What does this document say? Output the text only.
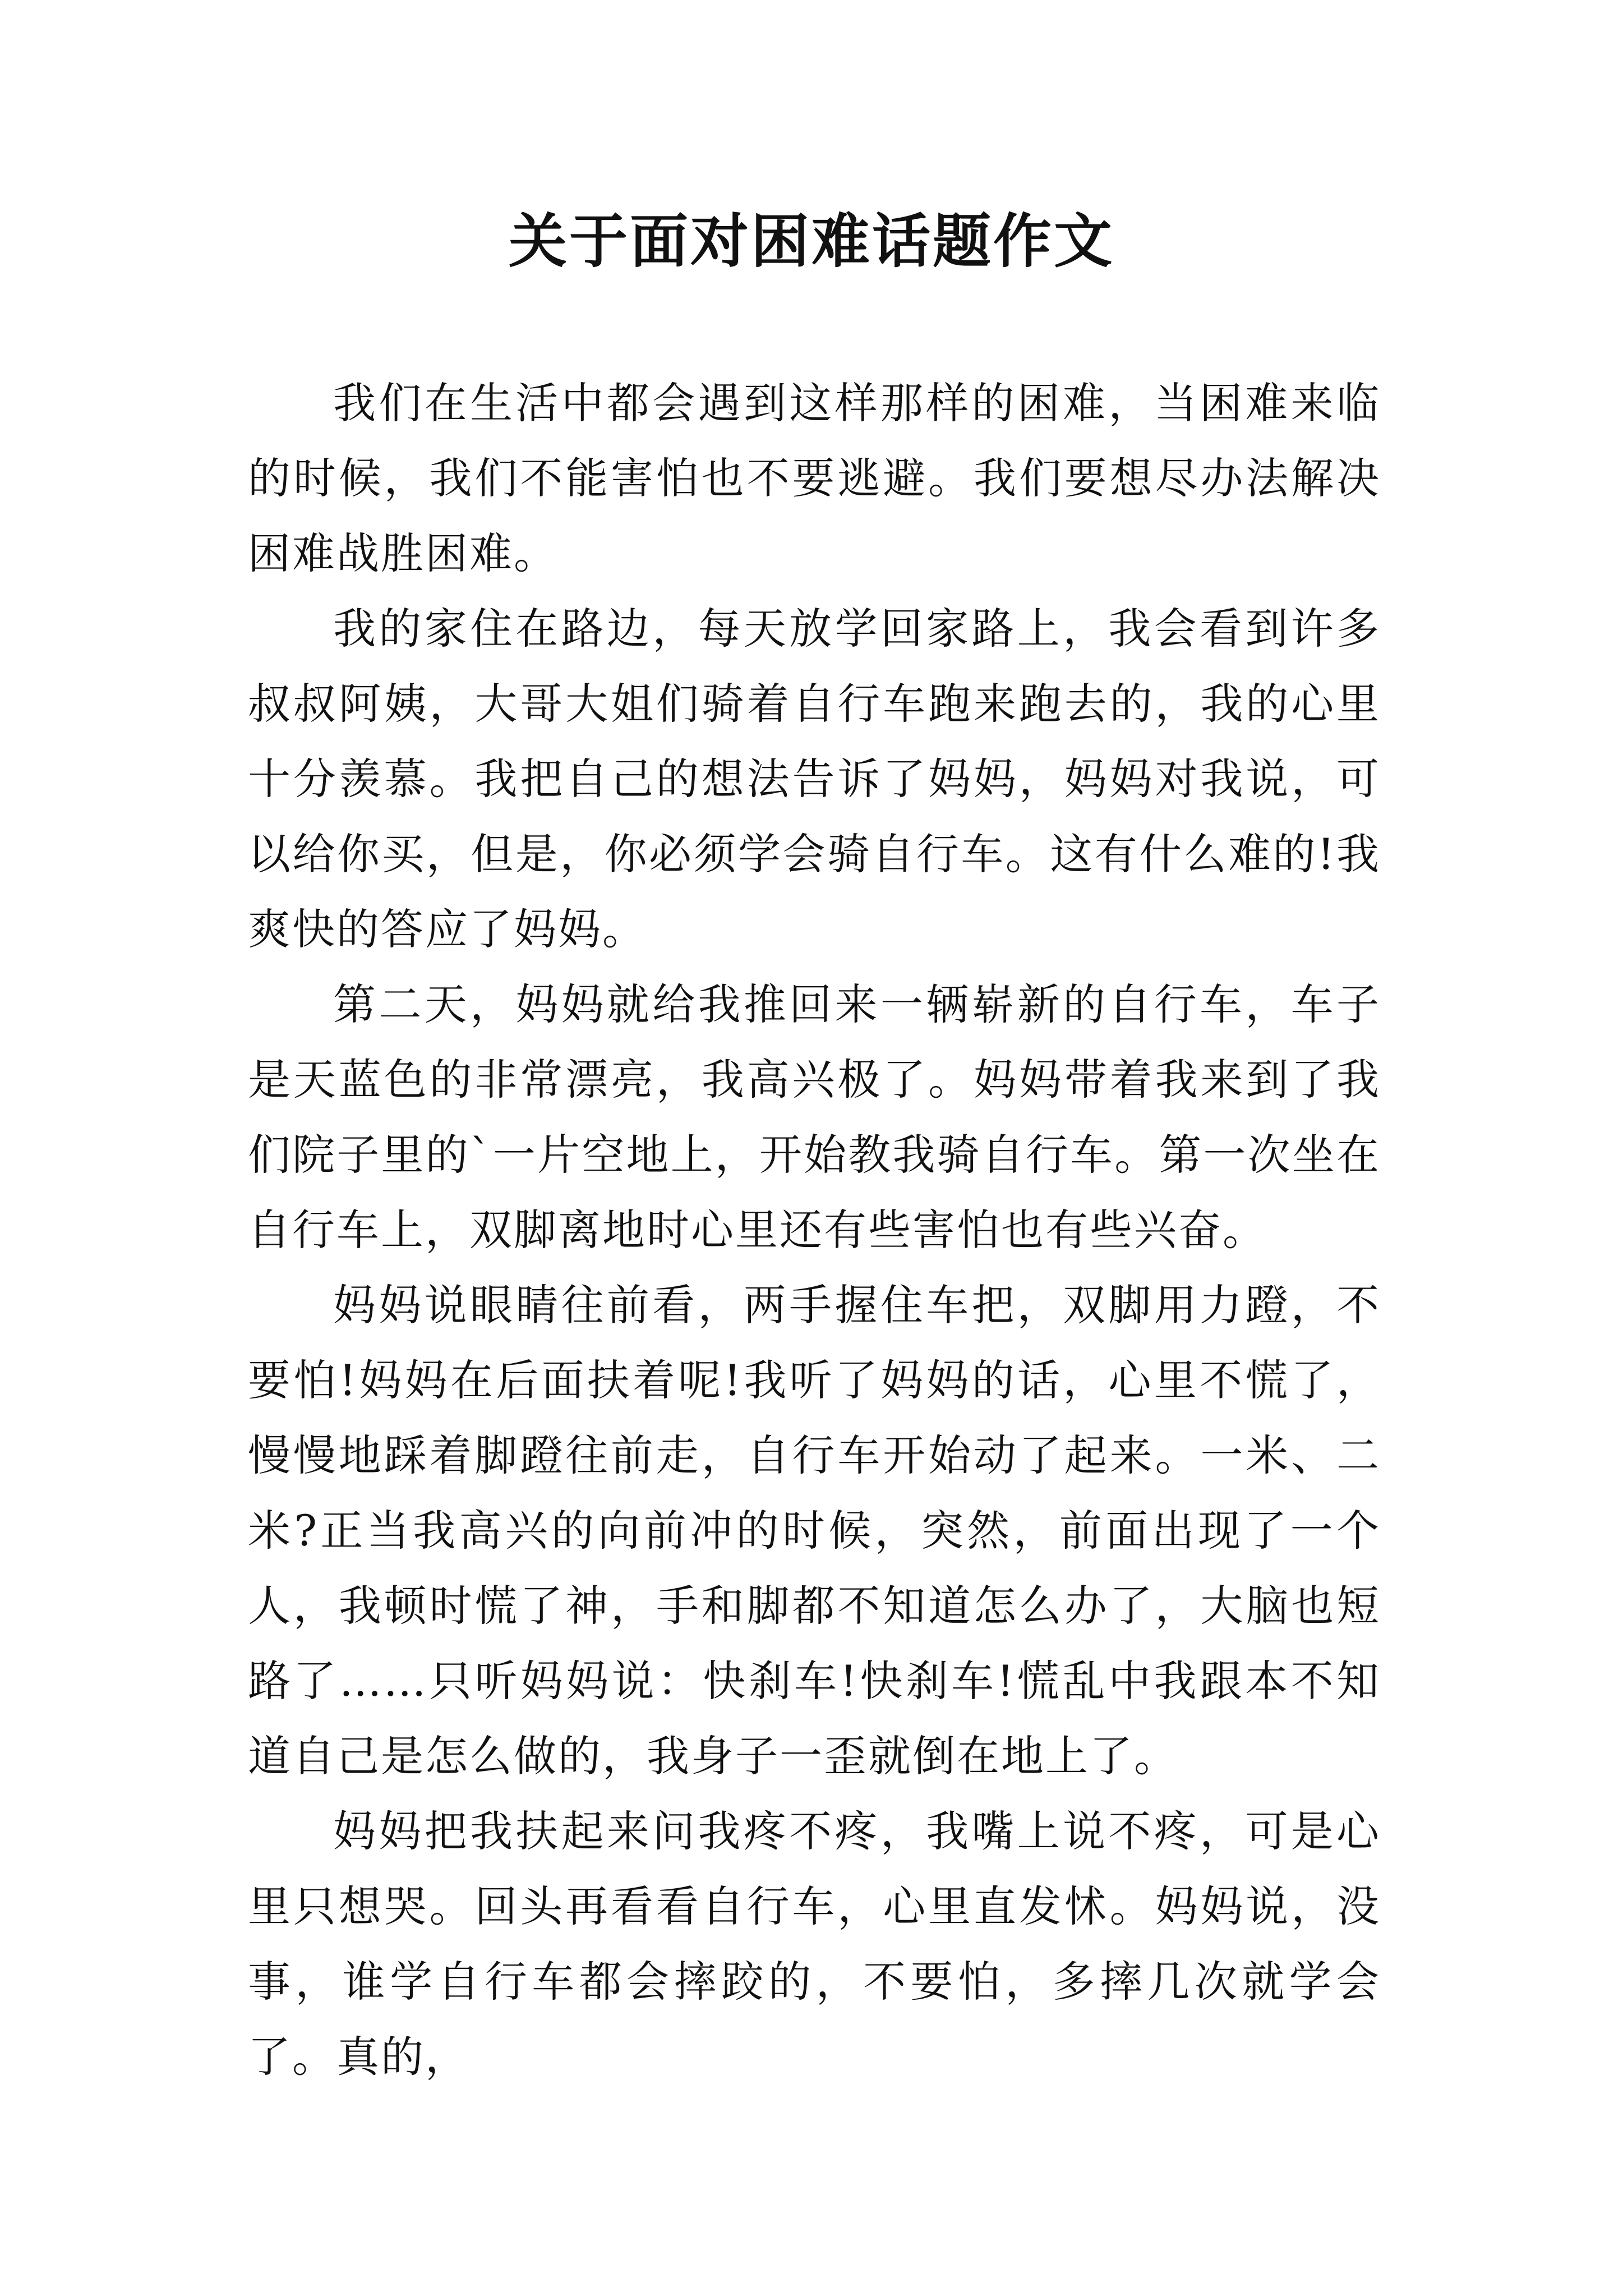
关于面对困难话题作文

我们在生活中都会遇到这样那样的困难，当困难来临的时候，我们不能害怕也不要逃避。我们要想尽办法解决困难战胜困难。

我的家住在路边，每天放学回家路上，我会看到许多叔叔阿姨，大哥大姐们骑着自行车跑来跑去的，我的心里十分羡慕。我把自己的想法告诉了妈妈，妈妈对我说，可以给你买，但是，你必须学会骑自行车。这有什么难的!我爽快的答应了妈妈。

第二天，妈妈就给我推回来一辆崭新的自行车，车子是天蓝色的非常漂亮，我高兴极了。妈妈带着我来到了我们院子里的`一片空地上，开始教我骑自行车。第一次坐在自行车上，双脚离地时心里还有些害怕也有些兴奋。

妈妈说眼睛往前看，两手握住车把，双脚用力蹬，不要怕!妈妈在后面扶着呢!我听了妈妈的话，心里不慌了，慢慢地踩着脚蹬往前走，自行车开始动了起来。一米、二米?正当我高兴的向前冲的时候，突然，前面出现了一个人，我顿时慌了神，手和脚都不知道怎么办了，大脑也短路了……只听妈妈说：快刹车!快刹车!慌乱中我跟本不知道自己是怎么做的，我身子一歪就倒在地上了。

妈妈把我扶起来问我疼不疼，我嘴上说不疼，可是心里只想哭。回头再看看自行车，心里直发怵。妈妈说，没事，谁学自行车都会摔跤的，不要怕，多摔几次就学会了。真的，
